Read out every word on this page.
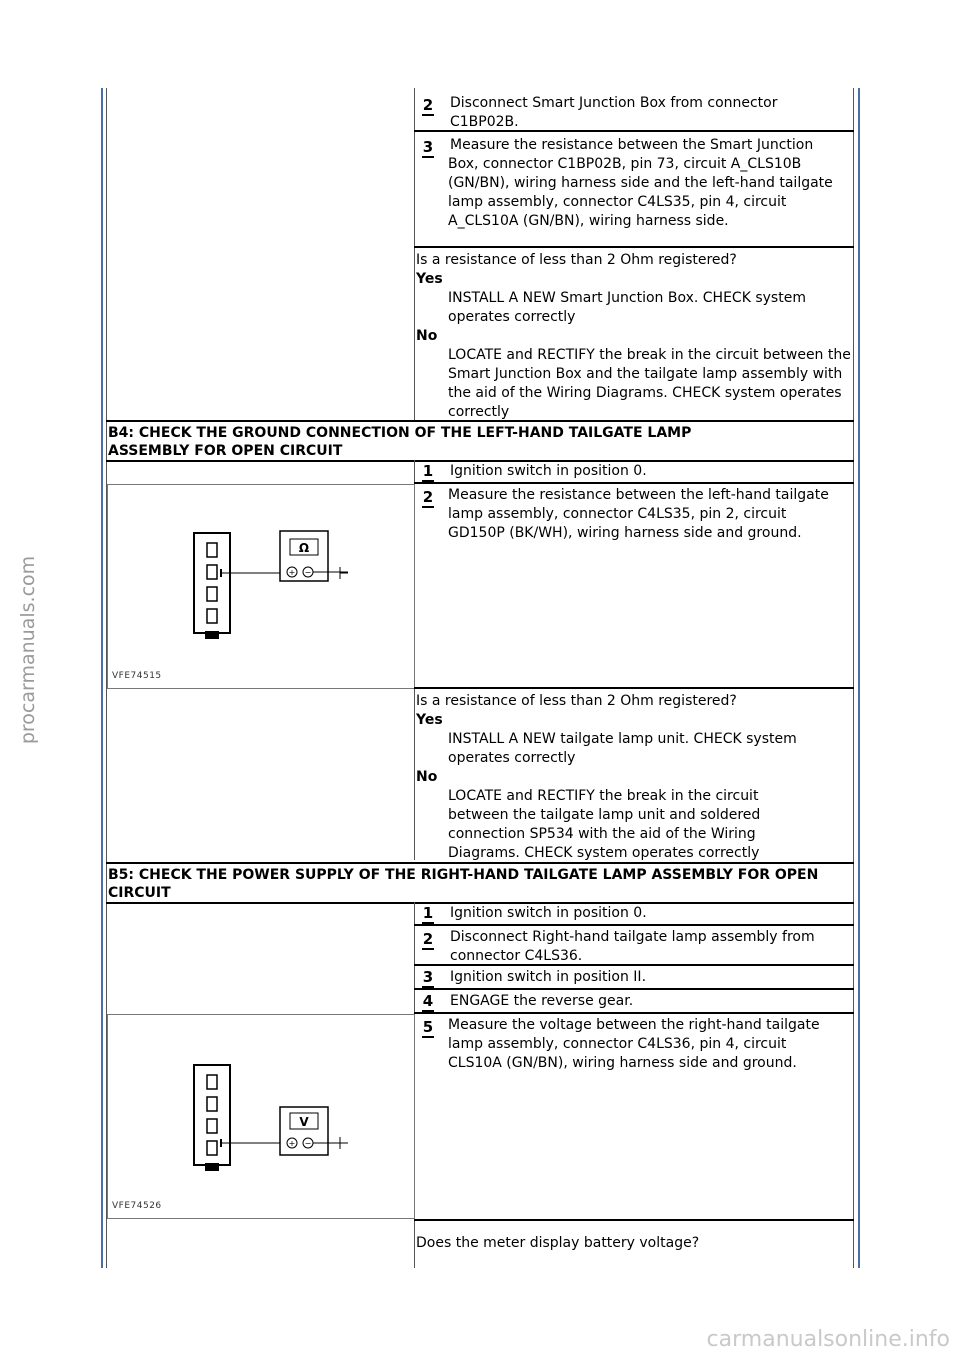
procarmanuals.com
carmanualsonline.info
2 Disconnect Smart Junction Box from connector C1BP02B.
3 Measure the resistance between the Smart Junction Box, connector C1BP02B, pin 73, circuit A_CLS10B (GN/BN), wiring harness side and the left-hand tailgate lamp assembly, connector C4LS35, pin 4, circuit A_CLS10A (GN/BN), wiring harness side.
Is a resistance of less than 2 Ohm registered?
Yes
INSTALL A NEW Smart Junction Box. CHECK system operates correctly
No
LOCATE and RECTIFY the break in the circuit between the Smart Junction Box and the tailgate lamp assembly with the aid of the Wiring Diagrams. CHECK system operates correctly
B4: CHECK THE GROUND CONNECTION OF THE LEFT-HAND TAILGATE LAMP ASSEMBLY FOR OPEN CIRCUIT
1 Ignition switch in position 0.
Ω
+ −
VFE74515
2 Measure the resistance between the left-hand tailgate lamp assembly, connector C4LS35, pin 2, circuit GD150P (BK/WH), wiring harness side and ground.
Is a resistance of less than 2 Ohm registered?
Yes
INSTALL A NEW tailgate lamp unit. CHECK system operates correctly
No
LOCATE and RECTIFY the break in the circuit between the tailgate lamp unit and soldered connection SP534 with the aid of the Wiring Diagrams. CHECK system operates correctly
B5: CHECK THE POWER SUPPLY OF THE RIGHT-HAND TAILGATE LAMP ASSEMBLY FOR OPEN CIRCUIT
1 Ignition switch in position 0.
2 Disconnect Right-hand tailgate lamp assembly from connector C4LS36.
3 Ignition switch in position II.
4 ENGAGE the reverse gear.
V
+ −
VFE74526
5 Measure the voltage between the right-hand tailgate lamp assembly, connector C4LS36, pin 4, circuit CLS10A (GN/BN), wiring harness side and ground.
Does the meter display battery voltage?
